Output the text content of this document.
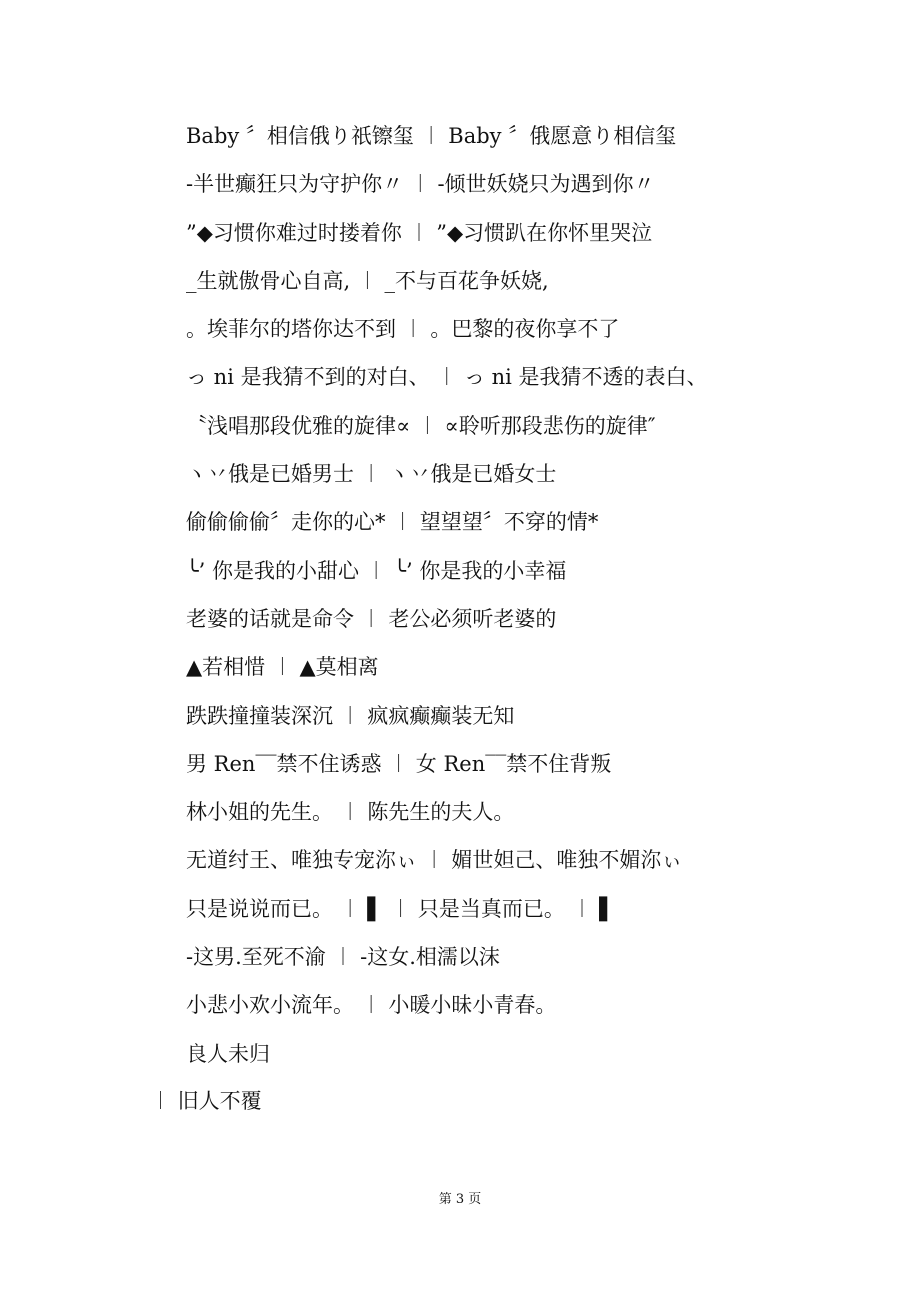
Baby 〞相信俄り祇镲玺 ︱ Baby 〞俄愿意り相信玺
-半世癫狂只为守护你〃 ︱ -倾世妖娆只为遇到你〃
”◆习惯你难过时搂着你 ︱ ”◆习惯趴在你怀里哭泣
_生就傲骨心自高, ︱ _不与百花争妖娆,
。埃菲尔的塔你达不到 ︱ 。巴黎的夜你享不了
っ ni 是我猜不到的对白、 ︱ っ ni 是我猜不透的表白、
〝浅唱那段优雅的旋律∝ ︱ ∝聆听那段悲伤的旋律″
ヽ丷俄是已婚男士 ︱ ヽ丷俄是已婚女士
偷偷偷偷〞走你的心* ︱ 望望望〞不穿的情*
╰’ 你是我的小甜心 ︱ ╰’ 你是我的小幸福
老婆的话就是命令 ︱ 老公必须听老婆的
▲若相惜 ︱ ▲莫相离
跌跌撞撞装深沉 ︱ 疯疯癫癫装无知
男 Ren‾‾禁不住诱惑 ︱ 女 Ren‾‾禁不住背叛
林小姐的先生。 ︱ 陈先生的夫人。
无道纣王、唯独专宠沵ぃ ︱ 媚世妲己、唯独不媚沵ぃ
只是说说而已。 ︱ ▌ ︱ 只是当真而已。 ︱ ▌
-这男.至死不渝 ︱ -这女.相濡以沫
小悲小欢小流年。 ︱ 小暖小昧小青春。
良人未归
︱ 旧人不覆
第 3 页
